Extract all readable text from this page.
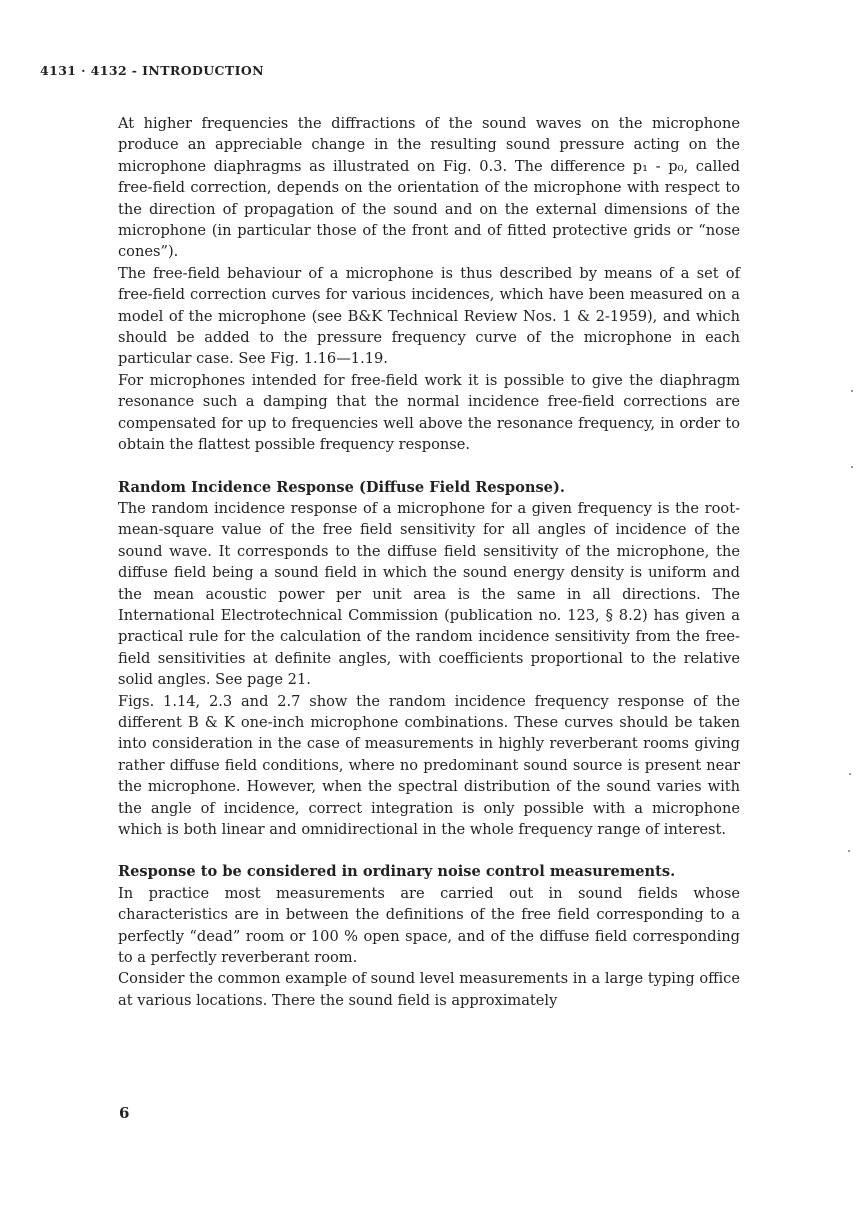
4131 · 4132 - INTRODUCTION

At higher frequencies the diffractions of the sound waves on the microphone produce an appreciable change in the resulting sound pressure acting on the microphone diaphragms as illustrated on Fig. 0.3. The difference p₁ - p₀, called free-field correction, depends on the orientation of the microphone with respect to the direction of propagation of the sound and on the external dimensions of the microphone (in particular those of the front and of fitted protective grids or “nose cones”).

The free-field behaviour of a microphone is thus described by means of a set of free-field correction curves for various incidences, which have been measured on a model of the microphone (see B&K Technical Review Nos. 1 & 2-1959), and which should be added to the pressure frequency curve of the microphone in each particular case. See Fig. 1.16—1.19.

For microphones intended for free-field work it is possible to give the diaphragm resonance such a damping that the normal incidence free-field corrections are compensated for up to frequencies well above the resonance frequency, in order to obtain the flattest possible frequency response.

Random Incidence Response (Diffuse Field Response).

The random incidence response of a microphone for a given frequency is the root-mean-square value of the free field sensitivity for all angles of incidence of the sound wave. It corresponds to the diffuse field sensitivity of the microphone, the diffuse field being a sound field in which the sound energy density is uniform and the mean acoustic power per unit area is the same in all directions. The International Electrotechnical Commission (publication no. 123, § 8.2) has given a practical rule for the calculation of the random incidence sensitivity from the free-field sensitivities at definite angles, with coefficients proportional to the relative solid angles. See page 21.

Figs. 1.14, 2.3 and 2.7 show the random incidence frequency response of the different B & K one-inch microphone combinations. These curves should be taken into consideration in the case of measurements in highly reverberant rooms giving rather diffuse field conditions, where no predominant sound source is present near the microphone. However, when the spectral distribution of the sound varies with the angle of incidence, correct integration is only possible with a microphone which is both linear and omnidirectional in the whole frequency range of interest.

Response to be considered in ordinary noise control measurements.

In practice most measurements are carried out in sound fields whose characteristics are in between the definitions of the free field corresponding to a perfectly “dead” room or 100 % open space, and of the diffuse field corresponding to a perfectly reverberant room.

Consider the common example of sound level measurements in a large typing office at various locations. There the sound field is approximately

6
